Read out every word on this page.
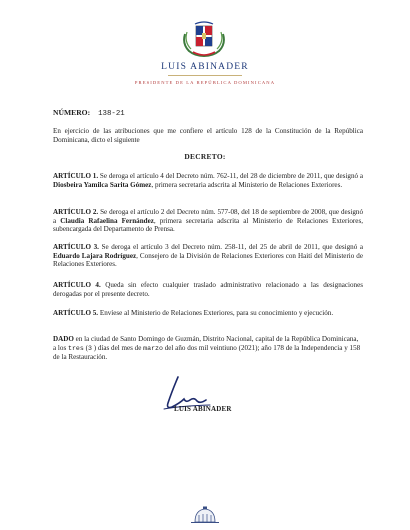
LUIS ABINADER
PRESIDENTE DE LA REPÚBLICA DOMINICANA
NÚMERO: 138-21
En ejercicio de las atribuciones que me confiere el artículo 128 de la Constitución de la República Dominicana, dicto el siguiente
DECRETO:
ARTÍCULO 1. Se deroga el artículo 4 del Decreto núm. 762-11, del 28 de diciembre de 2011, que designó a Diosbeira Yamilca Sarita Gómez, primera secretaria adscrita al Ministerio de Relaciones Exteriores.
ARTÍCULO 2. Se deroga el artículo 2 del Decreto núm. 577-08, del 18 de septiembre de 2008, que designó a Claudia Rafaelina Fernández, primera secretaria adscrita al Ministerio de Relaciones Exteriores, subencargada del Departamento de Prensa.
ARTÍCULO 3. Se deroga el artículo 3 del Decreto núm. 258-11, del 25 de abril de 2011, que designó a Eduardo Lajara Rodríguez, Consejero de la División de Relaciones Exteriores con Haití del Ministerio de Relaciones Exteriores.
ARTÍCULO 4. Queda sin efecto cualquier traslado administrativo relacionado a las designaciones derogadas por el presente decreto.
ARTÍCULO 5. Envíese al Ministerio de Relaciones Exteriores, para su conocimiento y ejecución.
DADO en la ciudad de Santo Domingo de Guzmán, Distrito Nacional, capital de la República Dominicana, a los tres (3 ) días del mes de marzo del año dos mil veintiuno (2021); año 178 de la Independencia y 158 de la Restauración.
LUIS ABINADER
